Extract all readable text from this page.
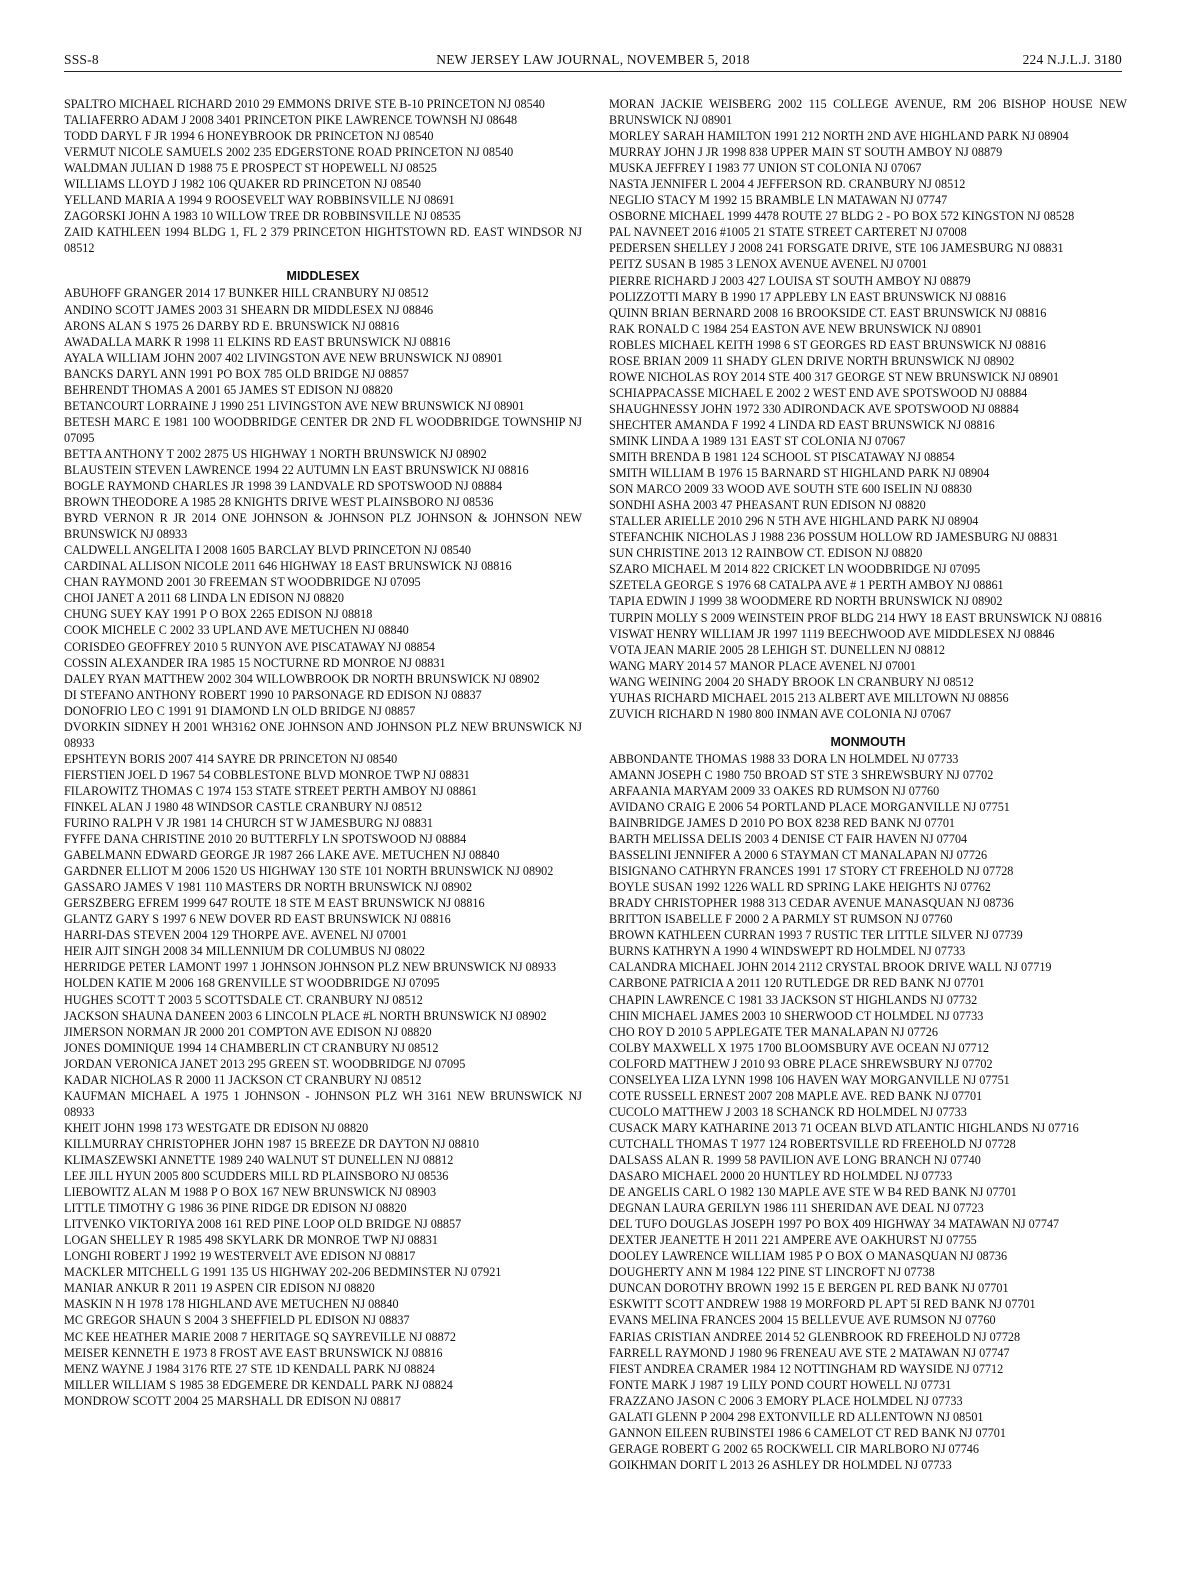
SSS-8	NEW JERSEY LAW JOURNAL, NOVEMBER 5, 2018	224 N.J.L.J. 3180

SPALTRO MICHAEL RICHARD 2010 29 EMMONS DRIVE STE B-10 PRINCETON NJ 08540

TALIAFERRO ADAM J 2008 3401 PRINCETON PIKE LAWRENCE TOWNSH NJ 08648

TODD DARYL F JR 1994 6 HONEYBROOK DR PRINCETON NJ 08540

VERMUT NICOLE SAMUELS 2002 235 EDGERSTONE ROAD PRINCETON NJ 08540

WALDMAN JULIAN D 1988 75 E PROSPECT ST HOPEWELL NJ 08525

WILLIAMS LLOYD J 1982 106 QUAKER RD PRINCETON NJ 08540

YELLAND MARIA A 1994 9 ROOSEVELT WAY ROBBINSVILLE NJ 08691

ZAGORSKI JOHN A 1983 10 WILLOW TREE DR ROBBINSVILLE NJ 08535

ZAID KATHLEEN 1994 BLDG 1, FL 2 379 PRINCETON HIGHTSTOWN RD. EAST WINDSOR NJ 08512

MIDDLESEX

ABUHOFF GRANGER 2014 17 BUNKER HILL CRANBURY NJ 08512

ANDINO SCOTT JAMES 2003 31 SHEARN DR MIDDLESEX NJ 08846

ARONS ALAN S 1975 26 DARBY RD E. BRUNSWICK NJ 08816

AWADALLA MARK R 1998 11 ELKINS RD EAST BRUNSWICK NJ 08816

AYALA WILLIAM JOHN 2007 402 LIVINGSTON AVE NEW BRUNSWICK NJ 08901

BANCKS DARYL ANN 1991 PO BOX 785 OLD BRIDGE NJ 08857

BEHRENDT THOMAS A 2001 65 JAMES ST EDISON NJ 08820

BETANCOURT LORRAINE J 1990 251 LIVINGSTON AVE NEW BRUNSWICK NJ 08901

BETESH MARC E 1981 100 WOODBRIDGE CENTER DR 2ND FL WOODBRIDGE TOWNSHIP NJ 07095

BETTA ANTHONY T 2002 2875 US HIGHWAY 1 NORTH BRUNSWICK NJ 08902

BLAUSTEIN STEVEN LAWRENCE 1994 22 AUTUMN LN EAST BRUNSWICK NJ 08816

BOGLE RAYMOND CHARLES JR 1998 39 LANDVALE RD SPOTSWOOD NJ 08884

BROWN THEODORE A 1985 28 KNIGHTS DRIVE WEST PLAINSBORO NJ 08536

BYRD VERNON R JR 2014 ONE JOHNSON & JOHNSON PLZ JOHNSON & JOHNSON NEW BRUNSWICK NJ 08933

CALDWELL ANGELITA I 2008 1605 BARCLAY BLVD PRINCETON NJ 08540

CARDINAL ALLISON NICOLE 2011 646 HIGHWAY 18 EAST BRUNSWICK NJ 08816

CHAN RAYMOND 2001 30 FREEMAN ST WOODBRIDGE NJ 07095

CHOI JANET A 2011 68 LINDA LN EDISON NJ 08820

CHUNG SUEY KAY 1991 P O BOX 2265 EDISON NJ 08818

COOK MICHELE C 2002 33 UPLAND AVE METUCHEN NJ 08840

CORISDEO GEOFFREY 2010 5 RUNYON AVE PISCATAWAY NJ 08854

COSSIN ALEXANDER IRA 1985 15 NOCTURNE RD MONROE NJ 08831

DALEY RYAN MATTHEW 2002 304 WILLOWBROOK DR NORTH BRUNSWICK NJ 08902

DI STEFANO ANTHONY ROBERT 1990 10 PARSONAGE RD EDISON NJ 08837

DONOFRIO LEO C 1991 91 DIAMOND LN OLD BRIDGE NJ 08857

DVORKIN SIDNEY H 2001 WH3162 ONE JOHNSON AND JOHNSON PLZ NEW BRUNSWICK NJ 08933

EPSHTEYN BORIS 2007 414 SAYRE DR PRINCETON NJ 08540

FIERSTIEN JOEL D 1967 54 COBBLESTONE BLVD MONROE TWP NJ 08831

FILAROWITZ THOMAS C 1974 153 STATE STREET PERTH AMBOY NJ 08861

FINKEL ALAN J 1980 48 WINDSOR CASTLE CRANBURY NJ 08512

FURINO RALPH V JR 1981 14 CHURCH ST W JAMESBURG NJ 08831

FYFFE DANA CHRISTINE 2010 20 BUTTERFLY LN SPOTSWOOD NJ 08884

GABELMANN EDWARD GEORGE JR 1987 266 LAKE AVE. METUCHEN NJ 08840

GARDNER ELLIOT M 2006 1520 US HIGHWAY 130 STE 101 NORTH BRUNSWICK NJ 08902

GASSARO JAMES V 1981 110 MASTERS DR NORTH BRUNSWICK NJ 08902

GERSZBERG EFREM 1999 647 ROUTE 18 STE M EAST BRUNSWICK NJ 08816

GLANTZ GARY S 1997 6 NEW DOVER RD EAST BRUNSWICK NJ 08816

HARRI-DAS STEVEN 2004 129 THORPE AVE. AVENEL NJ 07001

HEIR AJIT SINGH 2008 34 MILLENNIUM DR COLUMBUS NJ 08022

HERRIDGE PETER LAMONT 1997 1 JOHNSON JOHNSON PLZ NEW BRUNSWICK NJ 08933

HOLDEN KATIE M 2006 168 GRENVILLE ST WOODBRIDGE NJ 07095

HUGHES SCOTT T 2003 5 SCOTTSDALE CT. CRANBURY NJ 08512

JACKSON SHAUNA DANEEN 2003 6 LINCOLN PLACE #L NORTH BRUNSWICK NJ 08902

JIMERSON NORMAN JR 2000 201 COMPTON AVE EDISON NJ 08820

JONES DOMINIQUE 1994 14 CHAMBERLIN CT CRANBURY NJ 08512

JORDAN VERONICA JANET 2013 295 GREEN ST. WOODBRIDGE NJ 07095

KADAR NICHOLAS R 2000 11 JACKSON CT CRANBURY NJ 08512

KAUFMAN MICHAEL A 1975 1 JOHNSON - JOHNSON PLZ WH 3161 NEW BRUNSWICK NJ 08933

KHEIT JOHN 1998 173 WESTGATE DR EDISON NJ 08820

KILLMURRAY CHRISTOPHER JOHN 1987 15 BREEZE DR DAYTON NJ 08810

KLIMASZEWSKI ANNETTE 1989 240 WALNUT ST DUNELLEN NJ 08812

LEE JILL HYUN 2005 800 SCUDDERS MILL RD PLAINSBORO NJ 08536

LIEBOWITZ ALAN M 1988 P O BOX 167 NEW BRUNSWICK NJ 08903

LITTLE TIMOTHY G 1986 36 PINE RIDGE DR EDISON NJ 08820

LITVENKO VIKTORIYA 2008 161 RED PINE LOOP OLD BRIDGE NJ 08857

LOGAN SHELLEY R 1985 498 SKYLARK DR MONROE TWP NJ 08831

LONGHI ROBERT J 1992 19 WESTERVELT AVE EDISON NJ 08817

MACKLER MITCHELL G 1991 135 US HIGHWAY 202-206 BEDMINSTER NJ 07921

MANIAR ANKUR R 2011 19 ASPEN CIR EDISON NJ 08820

MASKIN N H 1978 178 HIGHLAND AVE METUCHEN NJ 08840

MC GREGOR SHAUN S 2004 3 SHEFFIELD PL EDISON NJ 08837

MC KEE HEATHER MARIE 2008 7 HERITAGE SQ SAYREVILLE NJ 08872

MEISER KENNETH E 1973 8 FROST AVE EAST BRUNSWICK NJ 08816

MENZ WAYNE J 1984 3176 RTE 27 STE 1D KENDALL PARK NJ 08824

MILLER WILLIAM S 1985 38 EDGEMERE DR KENDALL PARK NJ 08824

MONDROW SCOTT 2004 25 MARSHALL DR EDISON NJ 08817

MORAN JACKIE WEISBERG 2002 115 COLLEGE AVENUE, RM 206 BISHOP HOUSE NEW BRUNSWICK NJ 08901

MORLEY SARAH HAMILTON 1991 212 NORTH 2ND AVE HIGHLAND PARK NJ 08904

MURRAY JOHN J JR 1998 838 UPPER MAIN ST SOUTH AMBOY NJ 08879

MUSKA JEFFREY I 1983 77 UNION ST COLONIA NJ 07067

NASTA JENNIFER L 2004 4 JEFFERSON RD. CRANBURY NJ 08512

NEGLIO STACY M 1992 15 BRAMBLE LN MATAWAN NJ 07747

OSBORNE MICHAEL 1999 4478 ROUTE 27 BLDG 2 - PO BOX 572 KINGSTON NJ 08528

PAL NAVNEET 2016 #1005 21 STATE STREET CARTERET NJ 07008

PEDERSEN SHELLEY J 2008 241 FORSGATE DRIVE, STE 106 JAMESBURG NJ 08831

PEITZ SUSAN B 1985 3 LENOX AVENUE AVENEL NJ 07001

PIERRE RICHARD J 2003 427 LOUISA ST SOUTH AMBOY NJ 08879

POLIZZOTTI MARY B 1990 17 APPLEBY LN EAST BRUNSWICK NJ 08816

QUINN BRIAN BERNARD 2008 16 BROOKSIDE CT. EAST BRUNSWICK NJ 08816

RAK RONALD C 1984 254 EASTON AVE NEW BRUNSWICK NJ 08901

ROBLES MICHAEL KEITH 1998 6 ST GEORGES RD EAST BRUNSWICK NJ 08816

ROSE BRIAN 2009 11 SHADY GLEN DRIVE NORTH BRUNSWICK NJ 08902

ROWE NICHOLAS ROY 2014 STE 400 317 GEORGE ST NEW BRUNSWICK NJ 08901

SCHIAPPACASSE MICHAEL E 2002 2 WEST END AVE SPOTSWOOD NJ 08884

SHAUGHNESSY JOHN 1972 330 ADIRONDACK AVE SPOTSWOOD NJ 08884

SHECHTER AMANDA F 1992 4 LINDA RD EAST BRUNSWICK NJ 08816

SMINK LINDA A 1989 131 EAST ST COLONIA NJ 07067

SMITH BRENDA B 1981 124 SCHOOL ST PISCATAWAY NJ 08854

SMITH WILLIAM B 1976 15 BARNARD ST HIGHLAND PARK NJ 08904

SON MARCO 2009 33 WOOD AVE SOUTH STE 600 ISELIN NJ 08830

SONDHI ASHA 2003 47 PHEASANT RUN EDISON NJ 08820

STALLER ARIELLE 2010 296 N 5TH AVE HIGHLAND PARK NJ 08904

STEFANCHIK NICHOLAS J 1988 236 POSSUM HOLLOW RD JAMESBURG NJ 08831

SUN CHRISTINE 2013 12 RAINBOW CT. EDISON NJ 08820

SZARO MICHAEL M 2014 822 CRICKET LN WOODBRIDGE NJ 07095

SZETELA GEORGE S 1976 68 CATALPA AVE # 1 PERTH AMBOY NJ 08861

TAPIA EDWIN J 1999 38 WOODMERE RD NORTH BRUNSWICK NJ 08902

TURPIN MOLLY S 2009 WEINSTEIN PROF BLDG 214 HWY 18 EAST BRUNSWICK NJ 08816

VISWAT HENRY WILLIAM JR 1997 1119 BEECHWOOD AVE MIDDLESEX NJ 08846

VOTA JEAN MARIE 2005 28 LEHIGH ST. DUNELLEN NJ 08812

WANG MARY 2014 57 MANOR PLACE AVENEL NJ 07001

WANG WEINING 2004 20 SHADY BROOK LN CRANBURY NJ 08512

YUHAS RICHARD MICHAEL 2015 213 ALBERT AVE MILLTOWN NJ 08856

ZUVICH RICHARD N 1980 800 INMAN AVE COLONIA NJ 07067

MONMOUTH

ABBONDANTE THOMAS 1988 33 DORA LN HOLMDEL NJ 07733

AMANN JOSEPH C 1980 750 BROAD ST STE 3 SHREWSBURY NJ 07702

ARFAANIA MARYAM 2009 33 OAKES RD RUMSON NJ 07760

AVIDANO CRAIG E 2006 54 PORTLAND PLACE MORGANVILLE NJ 07751

BAINBRIDGE JAMES D 2010 PO BOX 8238 RED BANK NJ 07701

BARTH MELISSA DELIS 2003 4 DENISE CT FAIR HAVEN NJ 07704

BASSELINI JENNIFER A 2000 6 STAYMAN CT MANALAPAN NJ 07726

BISIGNANO CATHRYN FRANCES 1991 17 STORY CT FREEHOLD NJ 07728

BOYLE SUSAN 1992 1226 WALL RD SPRING LAKE HEIGHTS NJ 07762

BRADY CHRISTOPHER 1988 313 CEDAR AVENUE MANASQUAN NJ 08736

BRITTON ISABELLE F 2000 2 A PARMLY ST RUMSON NJ 07760

BROWN KATHLEEN CURRAN 1993 7 RUSTIC TER LITTLE SILVER NJ 07739

BURNS KATHRYN A 1990 4 WINDSWEPT RD HOLMDEL NJ 07733

CALANDRA MICHAEL JOHN 2014 2112 CRYSTAL BROOK DRIVE WALL NJ 07719

CARBONE PATRICIA A 2011 120 RUTLEDGE DR RED BANK NJ 07701

CHAPIN LAWRENCE C 1981 33 JACKSON ST HIGHLANDS NJ 07732

CHIN MICHAEL JAMES 2003 10 SHERWOOD CT HOLMDEL NJ 07733

CHO ROY D 2010 5 APPLEGATE TER MANALAPAN NJ 07726

COLBY MAXWELL X 1975 1700 BLOOMSBURY AVE OCEAN NJ 07712

COLFORD MATTHEW J 2010 93 OBRE PLACE SHREWSBURY NJ 07702

CONSELYEA LIZA LYNN 1998 106 HAVEN WAY MORGANVILLE NJ 07751

COTE RUSSELL ERNEST 2007 208 MAPLE AVE. RED BANK NJ 07701

CUCOLO MATTHEW J 2003 18 SCHANCK RD HOLMDEL NJ 07733

CUSACK MARY KATHARINE 2013 71 OCEAN BLVD ATLANTIC HIGHLANDS NJ 07716

CUTCHALL THOMAS T 1977 124 ROBERTSVILLE RD FREEHOLD NJ 07728

DALSASS ALAN R. 1999 58 PAVILION AVE LONG BRANCH NJ 07740

DASARO MICHAEL 2000 20 HUNTLEY RD HOLMDEL NJ 07733

DE ANGELIS CARL O 1982 130 MAPLE AVE STE W B4 RED BANK NJ 07701

DEGNAN LAURA GERILYN 1986 111 SHERIDAN AVE DEAL NJ 07723

DEL TUFO DOUGLAS JOSEPH 1997 PO BOX 409 HIGHWAY 34 MATAWAN NJ 07747

DEXTER JEANETTE H 2011 221 AMPERE AVE OAKHURST NJ 07755

DOOLEY LAWRENCE WILLIAM 1985 P O BOX O MANASQUAN NJ 08736

DOUGHERTY ANN M 1984 122 PINE ST LINCROFT NJ 07738

DUNCAN DOROTHY BROWN 1992 15 E BERGEN PL RED BANK NJ 07701

ESKWITT SCOTT ANDREW 1988 19 MORFORD PL APT 5I RED BANK NJ 07701

EVANS MELINA FRANCES 2004 15 BELLEVUE AVE RUMSON NJ 07760

FARIAS CRISTIAN ANDREE 2014 52 GLENBROOK RD FREEHOLD NJ 07728

FARRELL RAYMOND J 1980 96 FRENEAU AVE STE 2 MATAWAN NJ 07747

FIEST ANDREA CRAMER 1984 12 NOTTINGHAM RD WAYSIDE NJ 07712

FONTE MARK J 1987 19 LILY POND COURT HOWELL NJ 07731

FRAZZANO JASON C 2006 3 EMORY PLACE HOLMDEL NJ 07733

GALATI GLENN P 2004 298 EXTONVILLE RD ALLENTOWN NJ 08501

GANNON EILEEN RUBINSTEI 1986 6 CAMELOT CT RED BANK NJ 07701

GERAGE ROBERT G 2002 65 ROCKWELL CIR MARLBORO NJ 07746

GOIKHMAN DORIT L 2013 26 ASHLEY DR HOLMDEL NJ 07733
